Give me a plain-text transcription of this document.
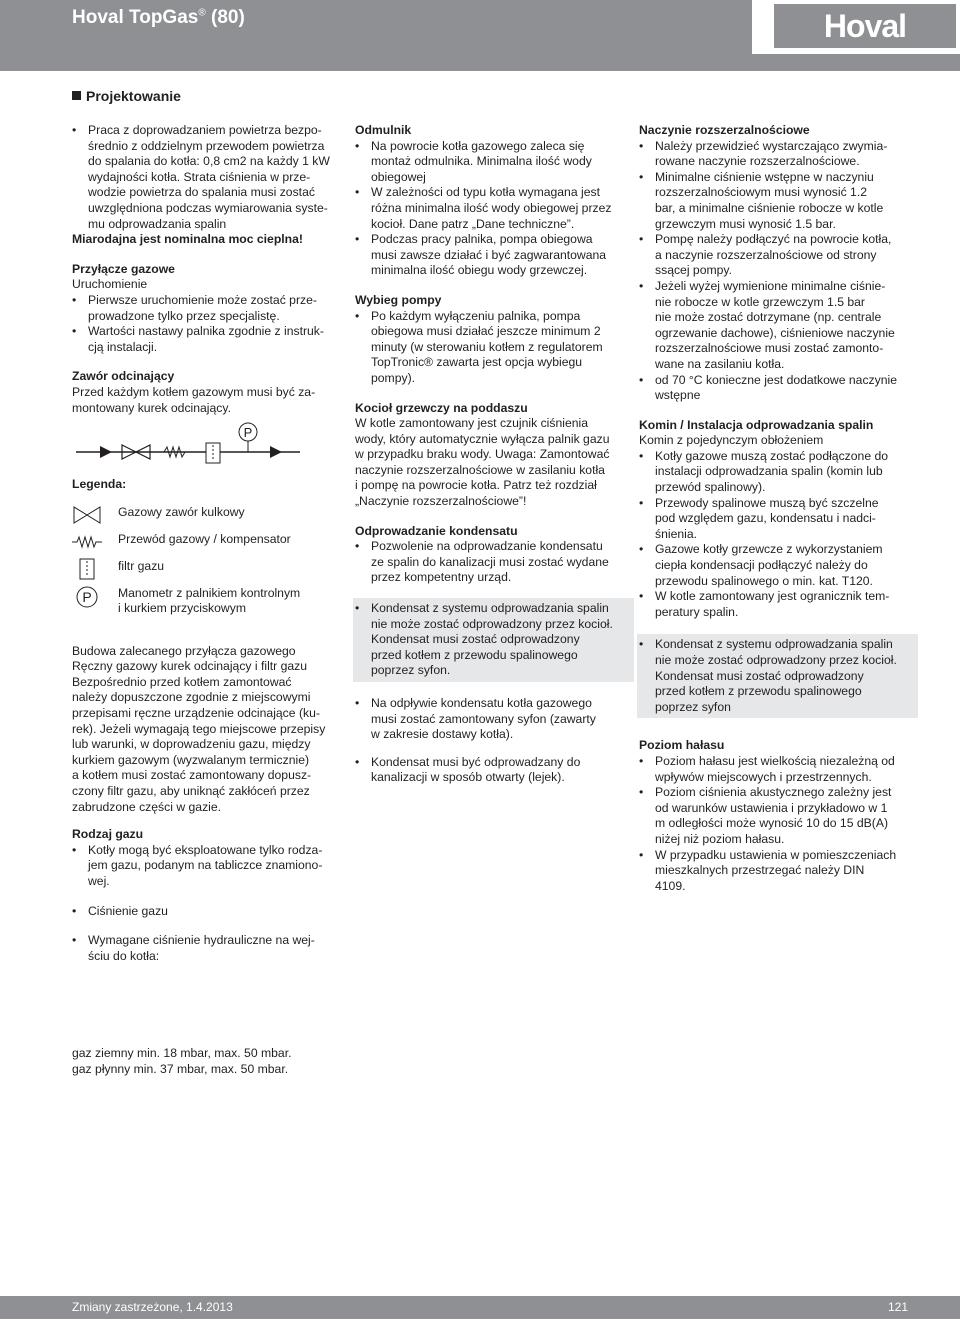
Hoval TopGas® (80)	Hoval
Projektowanie

• Praca z doprowadzaniem powietrza bezpo-

średnio z oddzielnym przewodem powietrza

do spalania do kotła: 0,8 cm2 na każdy 1 kW

wydajności kotła. Strata ciśnienia w prze-

wodzie powietrza do spalania musi zostać

uwzględniona podczas wymiarowania syste-

mu odprowadzania spalin

Miarodajna jest nominalna moc cieplna!

Przyłącze gazowe

Uruchomienie

• Pierwsze uruchomienie może zostać prze-

prowadzone tylko przez specjalistę.

• Wartości nastawy palnika zgodnie z instruk-

cją instalacji.

Zawór odcinający

Przed każdym kotłem gazowym musi być za-

montowany kurek odcinający.

P

Legenda:

Gazowy zawór kulkowy
Przewód gazowy / kompensator
filtr gazu
P Manometr z palnikiem kontrolnym
i kurkiem przyciskowym

Budowa zalecanego przyłącza gazowego

Ręczny gazowy kurek odcinający i filtr gazu

Bezpośrednio przed kotłem zamontować

należy dopuszczone zgodnie z miejscowymi

przepisami ręczne urządzenie odcinające (ku-

rek). Jeżeli wymagają tego miejscowe przepisy

lub warunki, w doprowadzeniu gazu, między

kurkiem gazowym (wyzwalanym termicznie)

a kotłem musi zostać zamontowany dopusz-

czony filtr gazu, aby uniknąć zakłóceń przez

zabrudzone części w gazie.

Rodzaj gazu

• Kotły mogą być eksploatowane tylko rodza-

jem gazu, podanym na tabliczce znamiono-

wej.

• Ciśnienie gazu

• Wymagane ciśnienie hydrauliczne na wej-

ściu do kotła:

gaz ziemny min. 18 mbar, max. 50 mbar.
gaz płynny min. 37 mbar, max. 50 mbar.

Odmulnik

• Na powrocie kotła gazowego zaleca się

montaż odmulnika. Minimalna ilość wody

obiegowej

• W zależności od typu kotła wymagana jest

różna minimalna ilość wody obiegowej przez

kocioł. Dane patrz „Dane techniczne”.

• Podczas pracy palnika, pompa obiegowa

musi zawsze działać i być zagwarantowana

minimalna ilość obiegu wody grzewczej.

Wybieg pompy

• Po każdym wyłączeniu palnika, pompa

obiegowa musi działać jeszcze minimum 2

minuty (w sterowaniu kotłem z regulatorem

TopTronic® zawarta jest opcja wybiegu

pompy).

Kocioł grzewczy na poddaszu

W kotle zamontowany jest czujnik ciśnienia

wody, który automatycznie wyłącza palnik gazu

w przypadku braku wody. Uwaga: Zamontować

naczynie rozszerzalnościowe w zasilaniu kotła

i pompę na powrocie kotła. Patrz też rozdział

„Naczynie rozszerzalnościowe”!

Odprowadzanie kondensatu

• Pozwolenie na odprowadzanie kondensatu

ze spalin do kanalizacji musi zostać wydane

przez kompetentny urząd.

• Kondensat z systemu odprowadzania spalin

nie może zostać odprowadzony przez kocioł.

Kondensat musi zostać odprowadzony

przed kotłem z przewodu spalinowego

poprzez syfon.

• Na odpływie kondensatu kotła gazowego

musi zostać zamontowany syfon (zawarty

w zakresie dostawy kotła).

• Kondensat musi być odprowadzany do

kanalizacji w sposób otwarty (lejek).

Naczynie rozszerzalnościowe

• Należy przewidzieć wystarczająco zwymia-

rowane naczynie rozszerzalnościowe.

• Minimalne ciśnienie wstępne w naczyniu

rozszerzalnościowym musi wynosić 1.2

bar, a minimalne ciśnienie robocze w kotle

grzewczym musi wynosić 1.5 bar.

• Pompę należy podłączyć na powrocie kotła,

a naczynie rozszerzalnościowe od strony

ssącej pompy.

• Jeżeli wyżej wymienione minimalne ciśnie-

nie robocze w kotle grzewczym 1.5 bar

nie może zostać dotrzymane (np. centrale

ogrzewanie dachowe), ciśnieniowe naczynie

rozszerzalnościowe musi zostać zamonto-

wane na zasilaniu kotła.

• od 70 °C konieczne jest dodatkowe naczynie

wstępne

Komin / Instalacja odprowadzania spalin

Komin z pojedynczym obłożeniem

• Kotły gazowe muszą zostać podłączone do

instalacji odprowadzania spalin (komin lub

przewód spalinowy).

• Przewody spalinowe muszą być szczelne

pod względem gazu, kondensatu i nadci-

śnienia.

• Gazowe kotły grzewcze z wykorzystaniem

ciepła kondensacji podłączyć należy do

przewodu spalinowego o min. kat. T120.

• W kotle zamontowany jest ogranicznik tem-

peratury spalin.

• Kondensat z systemu odprowadzania spalin

nie może zostać odprowadzony przez kocioł.

Kondensat musi zostać odprowadzony

przed kotłem z przewodu spalinowego

poprzez syfon

Poziom hałasu

• Poziom hałasu jest wielkością niezależną od

wpływów miejscowych i przestrzennych.

• Poziom ciśnienia akustycznego zależny jest

od warunków ustawienia i przykładowo w 1

m odległości może wynosić 10 do 15 dB(A)

niżej niż poziom hałasu.

• W przypadku ustawienia w pomieszczeniach

mieszkalnych przestrzegać należy DIN

4109.

Zmiany zastrzeżone, 1.4.2013	121
